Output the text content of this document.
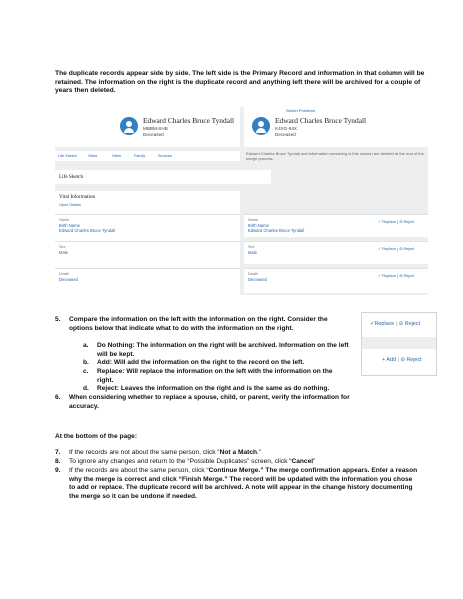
The duplicate records appear side by side. The left side is the Primary Record and information in that column will be retained. The information on the right is the duplicate record and anything left there will be archived for a couple of years then deleted.
Edward Charles Bruce Tyndall
MBBM-SHB
Deceased
Switch Positions
Edward Charles Bruce Tyndall
K4XG-94X
Deceased
Life Sketch	Vitals	Other	Family	Sources	Edward Charles Bruce Tyndall and information remaining in this column are deleted at the end of the merge process.
Life Sketch
Vital Information
Open Details
Name
Birth Name
Edward Charles Bruce Tyndall
Name
Birth Name
Edward Charles Bruce Tyndall
✓ Replace | ⊘ Reject
Sex
Male
Sex
Male
✓ Replace | ⊘ Reject
Death
Deceased
Death
Deceased
✓ Replace | ⊘ Reject
5. Compare the information on the left with the information on the right. Consider the options below that indicate what to do with the information on the right.
a. Do Nothing: The information on the right will be archived. Information on the left will be kept.
b. Add: Will add the information on the right to the record on the left.
c. Replace: Will replace the information on the left with the information on the right.
d. Reject: Leaves the information on the right and is the same as do nothing.
6. When considering whether to replace a spouse, child, or parent, verify the information for accuracy.
✓Replace | ⊘ Reject
+ Add | ⊘ Reject
At the bottom of the page:
7. If the records are not about the same person, click “Not a Match.”
8. To ignore any changes and return to the “Possible Duplicates” screen, click “Cancel”
9. If the records are about the same person, click “Continue Merge.” The merge confirmation appears. Enter a reason why the merge is correct and click “Finish Merge.” The record will be updated with the information you chose to add or replace. The duplicate record will be archived. A note will appear in the change history documenting the merge so it can be undone if needed.
